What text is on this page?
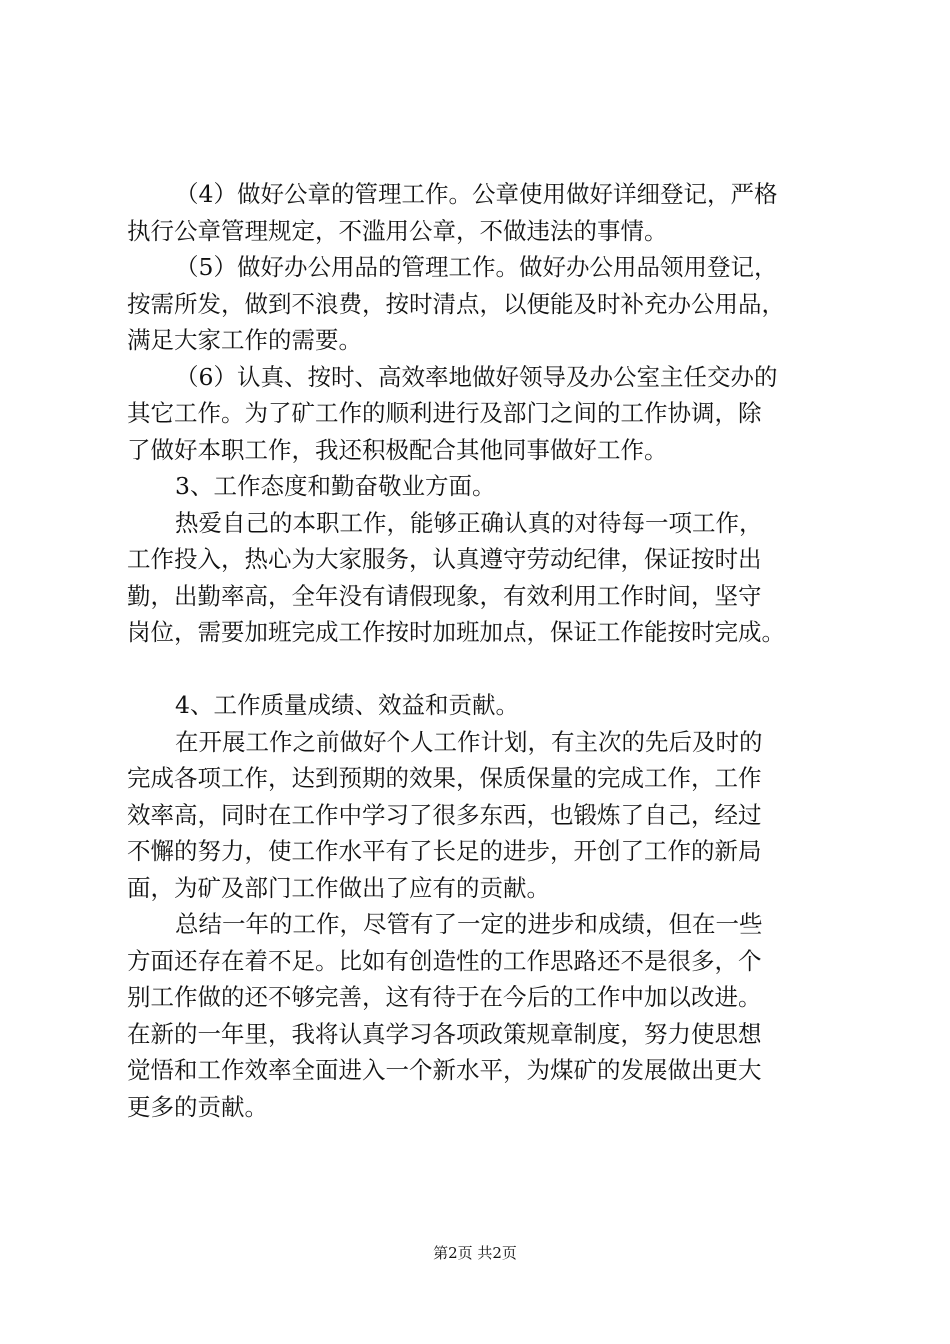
（4）做好公章的管理工作。公章使用做好详细登记，严格
执行公章管理规定，不滥用公章，不做违法的事情。
（5）做好办公用品的管理工作。做好办公用品领用登记，
按需所发，做到不浪费，按时清点，以便能及时补充办公用品，
满足大家工作的需要。
（6）认真、按时、高效率地做好领导及办公室主任交办的
其它工作。为了矿工作的顺利进行及部门之间的工作协调，除
了做好本职工作，我还积极配合其他同事做好工作。
3、工作态度和勤奋敬业方面。
热爱自己的本职工作，能够正确认真的对待每一项工作，
工作投入，热心为大家服务，认真遵守劳动纪律，保证按时出
勤，出勤率高，全年没有请假现象，有效利用工作时间，坚守
岗位，需要加班完成工作按时加班加点，保证工作能按时完成。
4、工作质量成绩、效益和贡献。
在开展工作之前做好个人工作计划，有主次的先后及时的
完成各项工作，达到预期的效果，保质保量的完成工作，工作
效率高，同时在工作中学习了很多东西，也锻炼了自己，经过
不懈的努力，使工作水平有了长足的进步，开创了工作的新局
面，为矿及部门工作做出了应有的贡献。
总结一年的工作，尽管有了一定的进步和成绩，但在一些
方面还存在着不足。比如有创造性的工作思路还不是很多，个
别工作做的还不够完善，这有待于在今后的工作中加以改进。
在新的一年里，我将认真学习各项政策规章制度，努力使思想
觉悟和工作效率全面进入一个新水平，为煤矿的发展做出更大
更多的贡献。
第2页 共2页
